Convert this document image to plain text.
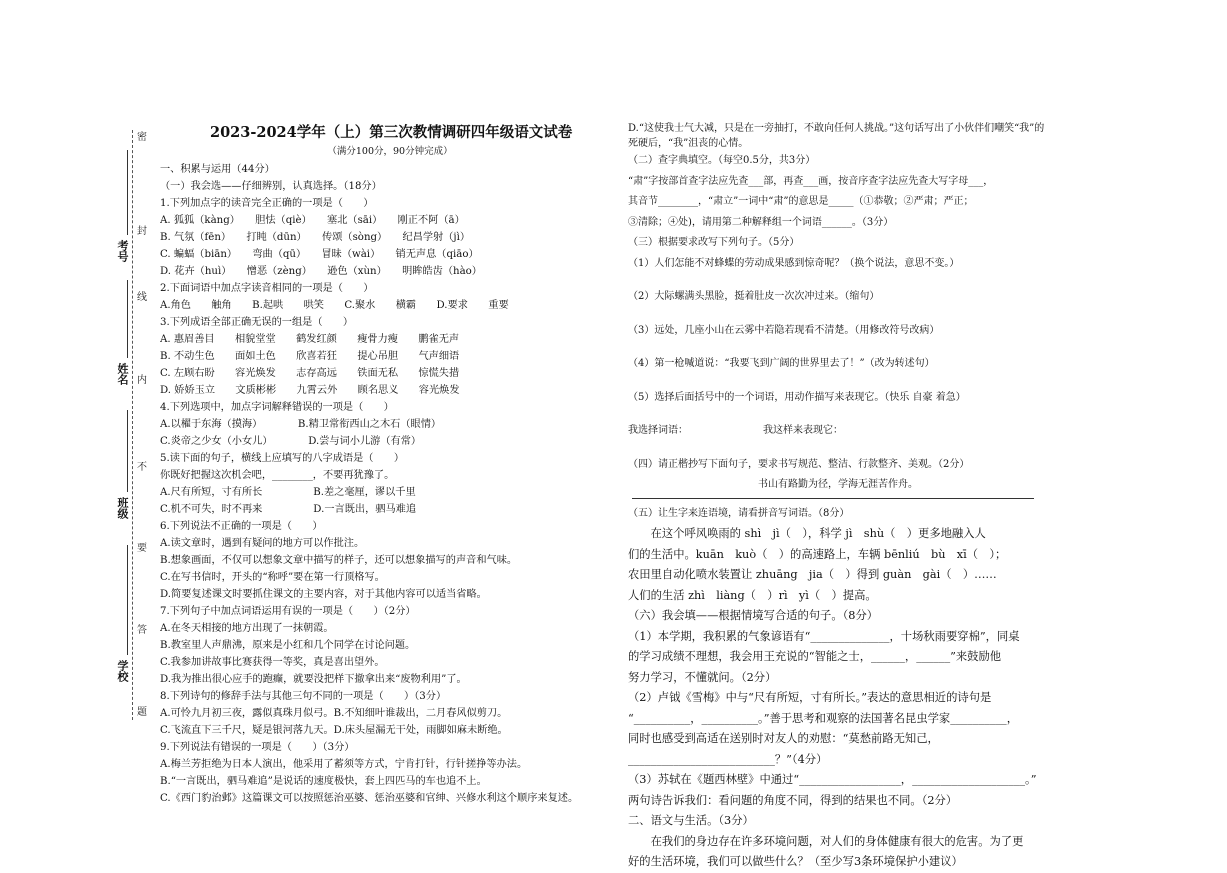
考号
姓名
班级
学校
密
封
线
内
不
要
答
题
2023-2024学年（上）第三次教情调研四年级语文试卷
（满分100分，90分钟完成）
一、积累与运用（44分）
（一）我会选——仔细辨别，认真选择。（18分）
1.下列加点字的读音完全正确的一项是（　　）
A. 狐狐（kàng）　　胆怯（qiè）　　塞北（sāi）　　刚正不阿（ā）
B. 气氛（fēn）　　打盹（dūn）　　传颂（sòng）　　纪昌学射（jì）
C. 蝙蝠（biān）　　弯曲（qū）　　冒昧（wài）　　销无声息（qiāo）
D. 花卉（huì）　　憎恶（zèng）　　逊色（xùn）　　明眸皓齿（hào）
2.下面词语中加点字读音相同的一项是（　　）
A.角色　　触角　　B.起哄　　哄笑　　C.聚水　　横霸　　D.要求　　重要
3.下列成语全部正确无误的一组是（　　）
A. 惠眉善目　　相貌堂堂　　鹤发红颜　　瘦骨力瘦　　鹏雀无声
B. 不动生色　　面如土色　　欣喜若狂　　提心吊胆　　气声细语
C. 左顾右盼　　容光焕发　　志存高远　　铁面无私　　惊慌失措
D. 娇娇玉立　　文质彬彬　　九霄云外　　顾名思义　　容光焕发
4.下列选项中，加点字词解释错误的一项是（　　）
A.以櫂于东海（摸海）　　　　B.精卫常衔西山之木石（眼情）
C.炎帝之少女（小女儿）　　　　D.尝与词小儿游（有常）
5.读下面的句子，横线上应填写的八字成语是（　　）
你既好把握这次机会吧，________，不要再犹豫了。
A.尺有所短，寸有所长　　　　　B.差之毫厘，谬以千里
C.机不可失，时不再来　　　　　D.一言既出，驷马难追
6.下列说法不正确的一项是（　　）
A.读文章时，遇到有疑问的地方可以作批注。
B.想象画面，不仅可以想象文章中描写的样子，还可以想象描写的声音和气味。
C.在写书信时，开头的“称呼”要在第一行顶格写。
D.简要复述课文时要抓住课文的主要内容，对于其他内容可以适当省略。
7.下列句子中加点词语运用有误的一项是（　　）（2分）
A.在冬天相接的地方出现了一抹朝霞。
B.教室里人声鼎沸，原来是小红和几个同学在讨论问题。
C.我参加讲故事比赛获得一等奖，真是喜出望外。
D.我为推出很心应手的跑癫，就要没把样下撤拿出来“废物利用”了。
8.下列诗句的修辞手法与其他三句不同的一项是（　　）（3分）
A.可怜九月初三夜，露似真珠月似弓。B.不知细叶谁裁出，二月春风似剪刀。
C.飞流直下三千尺，疑是银河落九天。D.床头屋漏无干处，雨脚如麻未断绝。
9.下列说法有错误的一项是（　　）（3分）
A.梅兰芳拒绝为日本人演出，他采用了蓄须等方式，宁肯打针，行针搓挣等办法。
B.“一言既出，驷马难追”是说话的速度极快，套上四匹马的车也追不上。
C.《西门豹治邺》这篇课文可以按照惩治巫婆、惩治巫婆和官绅、兴修水利这个顺序来复述。
D.“这使我士气大减，只是在一旁抽打，不敢向任何人挑战。”这句话写出了小伙伴们嘲笑“我”的死硬后，“我”沮丧的心情。
（二）查字典填空。（每空0.5分，共3分）
“肃”字按部首查字法应先查___部，再查___画，按音序查字法应先查大写字母___，
其音节________，“肃立”一词中“肃”的意思是_____（①恭敬；②严肃；严正；
③清除；④处)，请用第二种解释组一个词语______。（3分）
（三）根据要求改写下列句子。（5分）
（1）人们怎能不对蜂蝶的劳动成果感到惊奇呢？（换个说法，意思不变。）
（2）大际螺满头黑脸，挺着肚皮一次次冲过来。（缩句）
（3）远处，几座小山在云雾中若隐若现看不清楚。（用修改符号改病）
（4）第一枪喊道说：“我要飞到广阔的世界里去了！”（改为转述句）
（5）选择后面括号中的一个词语，用动作描写来表现它。（快乐 自豪 着急）
我选择词语：　　　　　　　　我这样来表现它：
（四）请正楷抄写下面句子，要求书写规范、整洁、行款整齐、美观。（2分）
书山有路勤为径，学海无涯苦作舟。
（五）让生字来连语境，请看拼音写词语。（8分）
　　在这个呼风唤雨的 shì　jì（　），科学 jì　shù（　）更多地融入人
们的生活中。kuān　kuò（　）的高速路上，车辆 bēnliú　bù　xī（　）；
农田里自动化喷水装置让 zhuāng　jia（　）得到 guàn　gài（　）……
人们的生活 zhì　liàng（　）rì　yì（　）提高。
（六）我会填——根据情境写合适的句子。（8分）
（1）本学期，我积累的气象谚语有“______________，十场秋雨要穿棉”，同桌
的学习成绩不理想，我会用王充说的“智能之士，______，______”来鼓励他
努力学习，不懂就问。（2分）
（2）卢钺《雪梅》中与“尺有所短，寸有所长。”表达的意思相近的诗句是
“__________，__________。”善于思考和观察的法国著名昆虫学家__________，
同时也感受到高适在送别时对友人的劝慰：“莫愁前路无知己，
__________________________？”（4分）
（3）苏轼在《题西林壁》中通过“__________________，____________________。”
两句诗告诉我们：看问题的角度不同，得到的结果也不同。（2分）
二、语文与生活。（3分）
　　在我们的身边存在许多环境问题，对人们的身体健康有很大的危害。为了更
好的生活环境，我们可以做些什么？（至少写3条环境保护小建议）
